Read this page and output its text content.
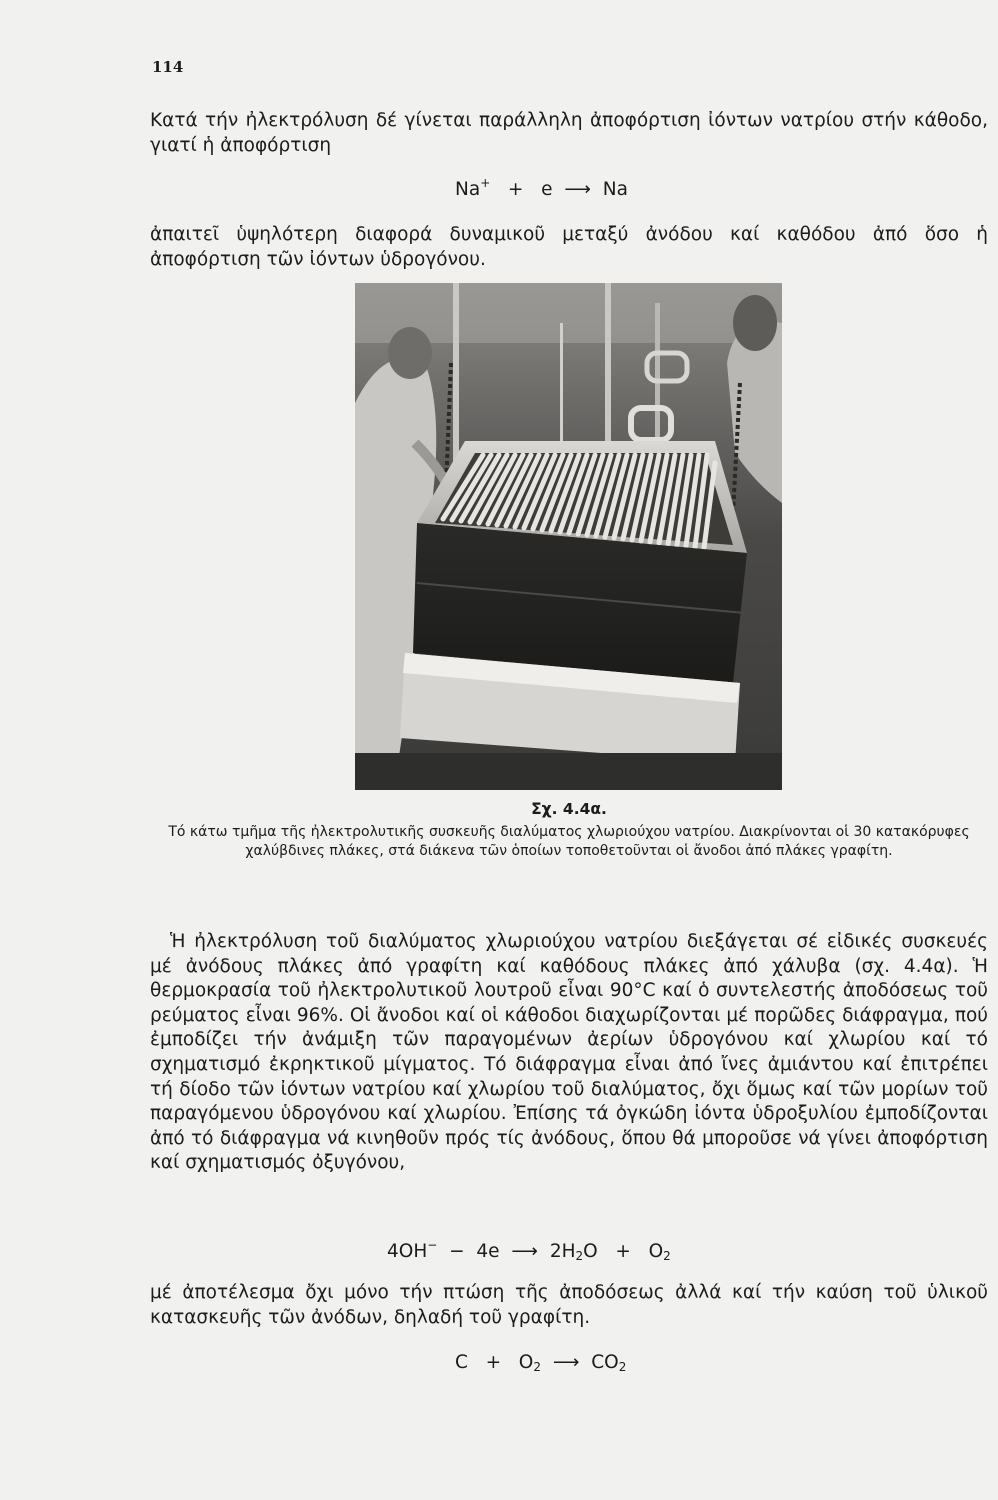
114

Κατά τήν ἠλεκτρόλυση δέ γίνεται παράλληλη ἀποφόρτιση ἰόντων νατρίου στήν κάθοδο, γιατί ἡ ἀποφόρτιση

Na+ + e ⟶ Na

ἀπαιτεῖ ὑψηλότερη διαφορά δυναμικοῦ μεταξύ ἀνόδου καί καθόδου ἀπό ὅσο ἡ ἀποφόρτιση τῶν ἰόντων ὑδρογόνου.

Σχ. 4.4α.

Τό κάτω τμῆμα τῆς ἠλεκτρολυτικῆς συσκευῆς διαλύματος χλωριούχου νατρίου. Διακρίνονται οἱ 30 κατακόρυφες χαλύβδινες πλάκες, στά διάκενα τῶν ὁποίων τοποθετοῦνται οἱ ἄνοδοι ἀπό πλάκες γραφίτη.

Ἡ ἠλεκτρόλυση τοῦ διαλύματος χλωριούχου νατρίου διεξάγεται σέ εἰδικές συσκευές μέ ἀνόδους πλάκες ἀπό γραφίτη καί καθόδους πλάκες ἀπό χάλυβα (σχ. 4.4α). Ἡ θερμοκρασία τοῦ ἠλεκτρολυτικοῦ λουτροῦ εἶναι 90°C καί ὁ συντελεστής ἀποδόσεως τοῦ ρεύματος εἶναι 96%. Οἱ ἄνοδοι καί οἱ κάθοδοι διαχωρίζονται μέ πορῶδες διάφραγμα, πού ἐμποδίζει τήν ἀνάμιξη τῶν παραγομένων ἀερίων ὑδρογόνου καί χλωρίου καί τό σχηματισμό ἐκρηκτικοῦ μίγματος. Τό διάφραγμα εἶναι ἀπό ἴνες ἀμιάντου καί ἐπιτρέπει τή δίοδο τῶν ἰόντων νατρίου καί χλωρίου τοῦ διαλύματος, ὄχι ὅμως καί τῶν μορίων τοῦ παραγόμενου ὑδρογόνου καί χλωρίου. Ἐπίσης τά ὀγκώδη ἰόντα ὑδροξυλίου ἐμποδίζονται ἀπό τό διάφραγμα νά κινηθοῦν πρός τίς ἀνόδους, ὅπου θά μποροῦσε νά γίνει ἀποφόρτιση καί σχηματισμός ὀξυγόνου,

4OH− − 4e ⟶ $2H_2O + O_2$

μέ ἀποτέλεσμα ὄχι μόνο τήν πτώση τῆς ἀποδόσεως ἀλλά καί τήν καύση τοῦ ὑλικοῦ κατασκευῆς τῶν ἀνόδων, δηλαδή τοῦ γραφίτη.

$C + O_2$ ⟶ $CO_2$
